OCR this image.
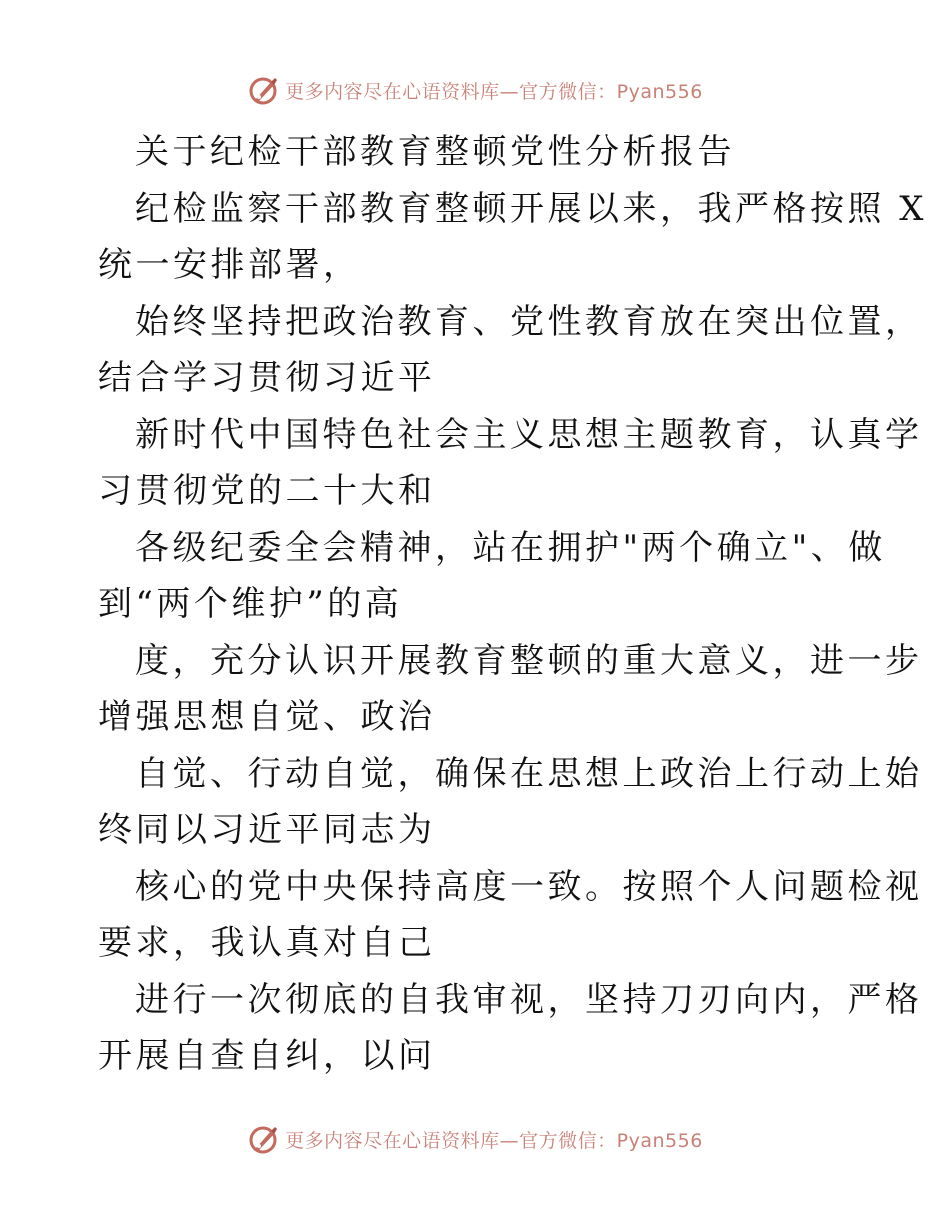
更多内容尽在心语资料库—官方微信：Pyan556
关于纪检干部教育整顿党性分析报告
纪检监察干部教育整顿开展以来，我严格按照 X
统一安排部署，
始终坚持把政治教育、党性教育放在突出位置，
结合学习贯彻习近平
新时代中国特色社会主义思想主题教育，认真学
习贯彻党的二十大和
各级纪委全会精神，站在拥护"两个确立"、做
到“两个维护”的高
度，充分认识开展教育整顿的重大意义，进一步
增强思想自觉、政治
自觉、行动自觉，确保在思想上政治上行动上始
终同以习近平同志为
核心的党中央保持高度一致。按照个人问题检视
要求，我认真对自己
进行一次彻底的自我审视，坚持刀刃向内，严格
开展自查自纠，以问
更多内容尽在心语资料库—官方微信：Pyan556
